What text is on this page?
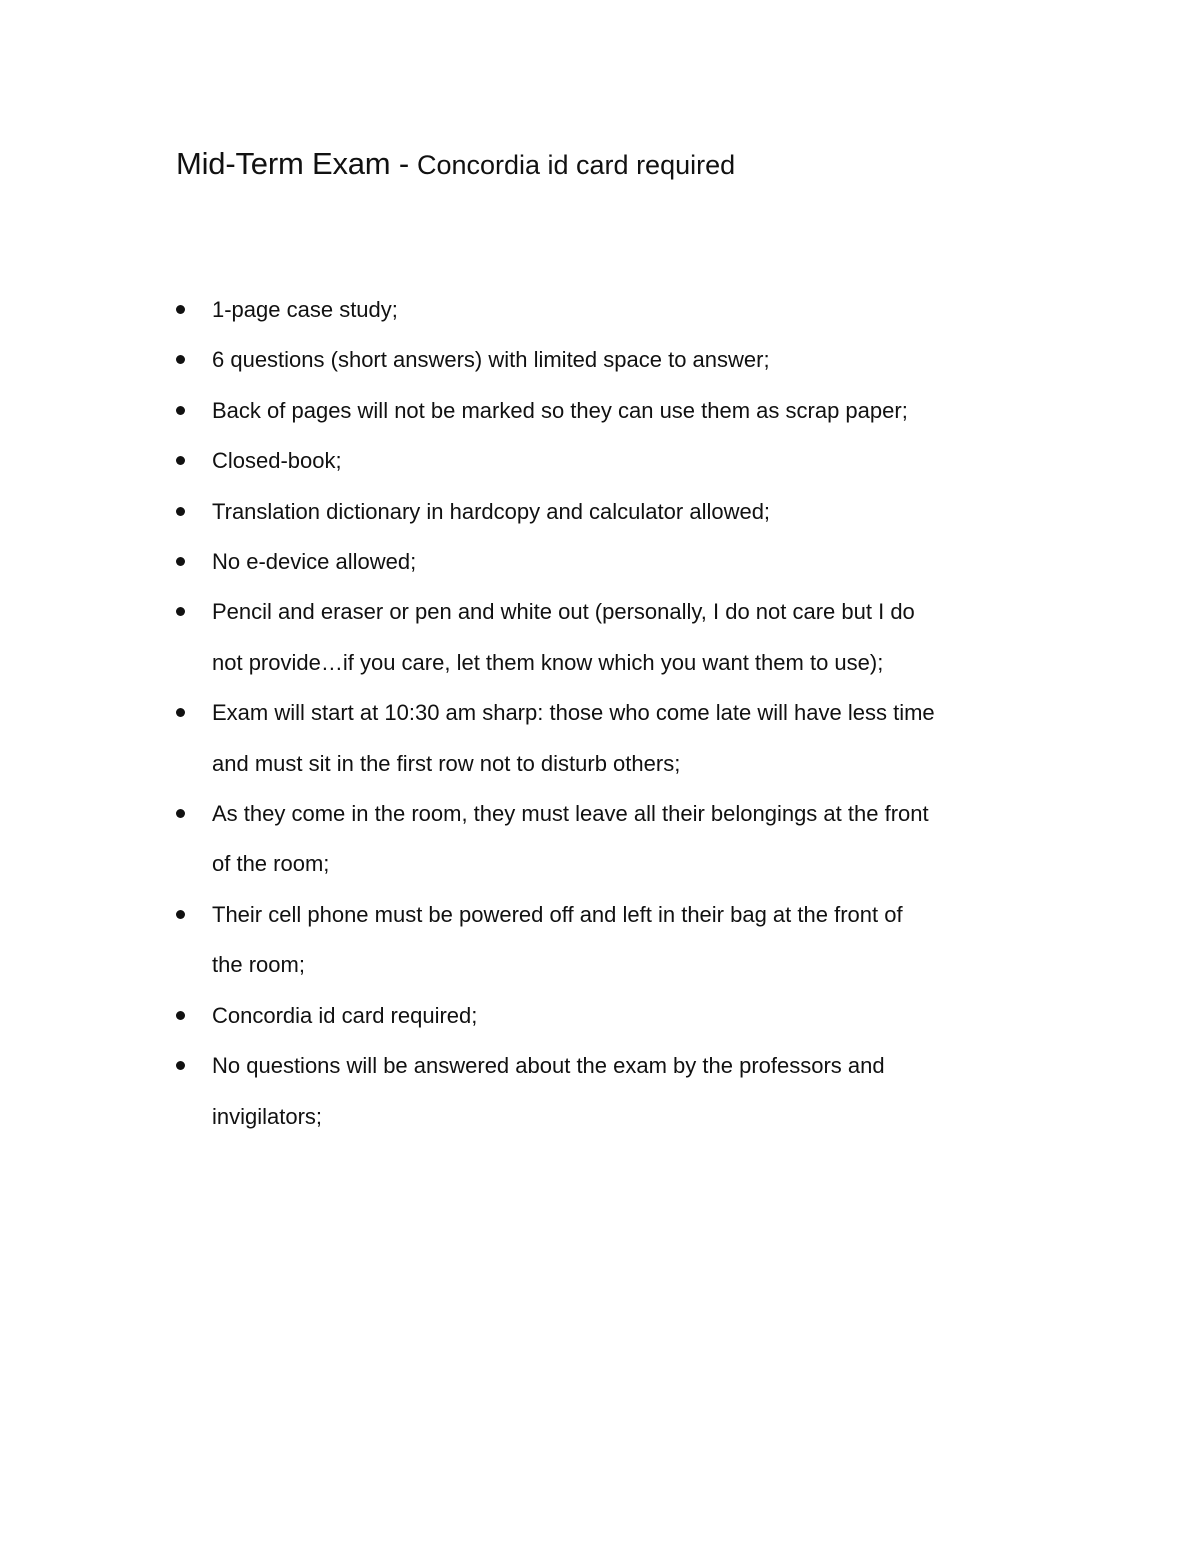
Mid-Term Exam - Concordia id card required
1-page case study;
6 questions (short answers) with limited space to answer;
Back of pages will not be marked so they can use them as scrap paper;
Closed-book;
Translation dictionary in hardcopy and calculator allowed;
No e-device allowed;
Pencil and eraser or pen and white out (personally, I do not care but I do
not provide…if you care, let them know which you want them to use);
Exam will start at 10:30 am sharp: those who come late will have less time
and must sit in the first row not to disturb others;
As they come in the room, they must leave all their belongings at the front
of the room;
Their cell phone must be powered off and left in their bag at the front of
the room;
Concordia id card required;
No questions will be answered about the exam by the professors and
invigilators;
